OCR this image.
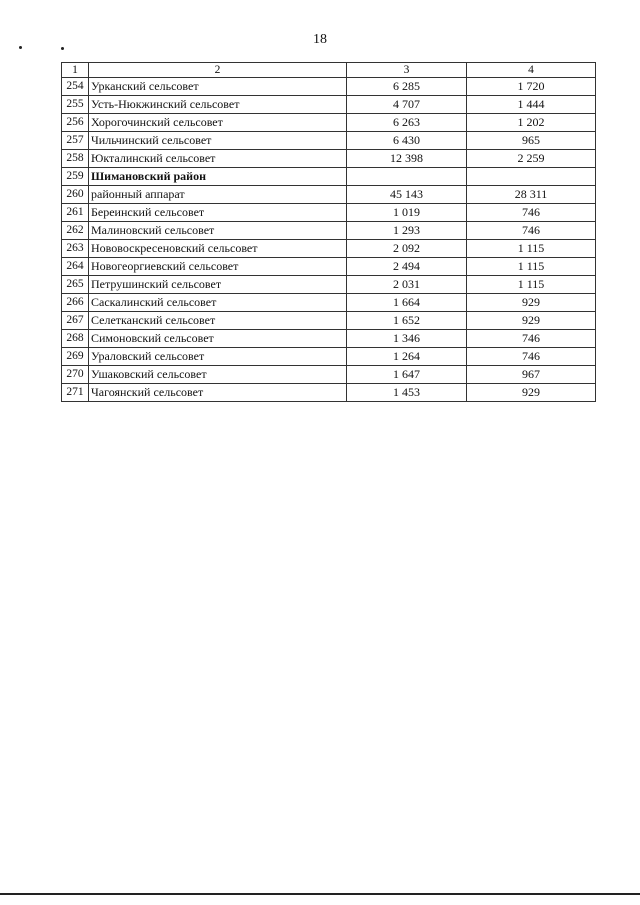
18
1	2	3	4
254	Урканский сельсовет	6 285	1 720
255	Усть-Нюкжинский сельсовет	4 707	1 444
256	Хорогочинский сельсовет	6 263	1 202
257	Чильчинский сельсовет	6 430	965
258	Юкталинский сельсовет	12 398	2 259
259	Шимановский район		
260	районный аппарат	45 143	28 311
261	Береинский сельсовет	1 019	746
262	Малиновский сельсовет	1 293	746
263	Нововоскресеновский сельсовет	2 092	1 115
264	Новогеоргиевский сельсовет	2 494	1 115
265	Петрушинский сельсовет	2 031	1 115
266	Саскалинский сельсовет	1 664	929
267	Селетканский сельсовет	1 652	929
268	Симоновский сельсовет	1 346	746
269	Ураловский сельсовет	1 264	746
270	Ушаковский сельсовет	1 647	967
271	Чагоянский сельсовет	1 453	929
